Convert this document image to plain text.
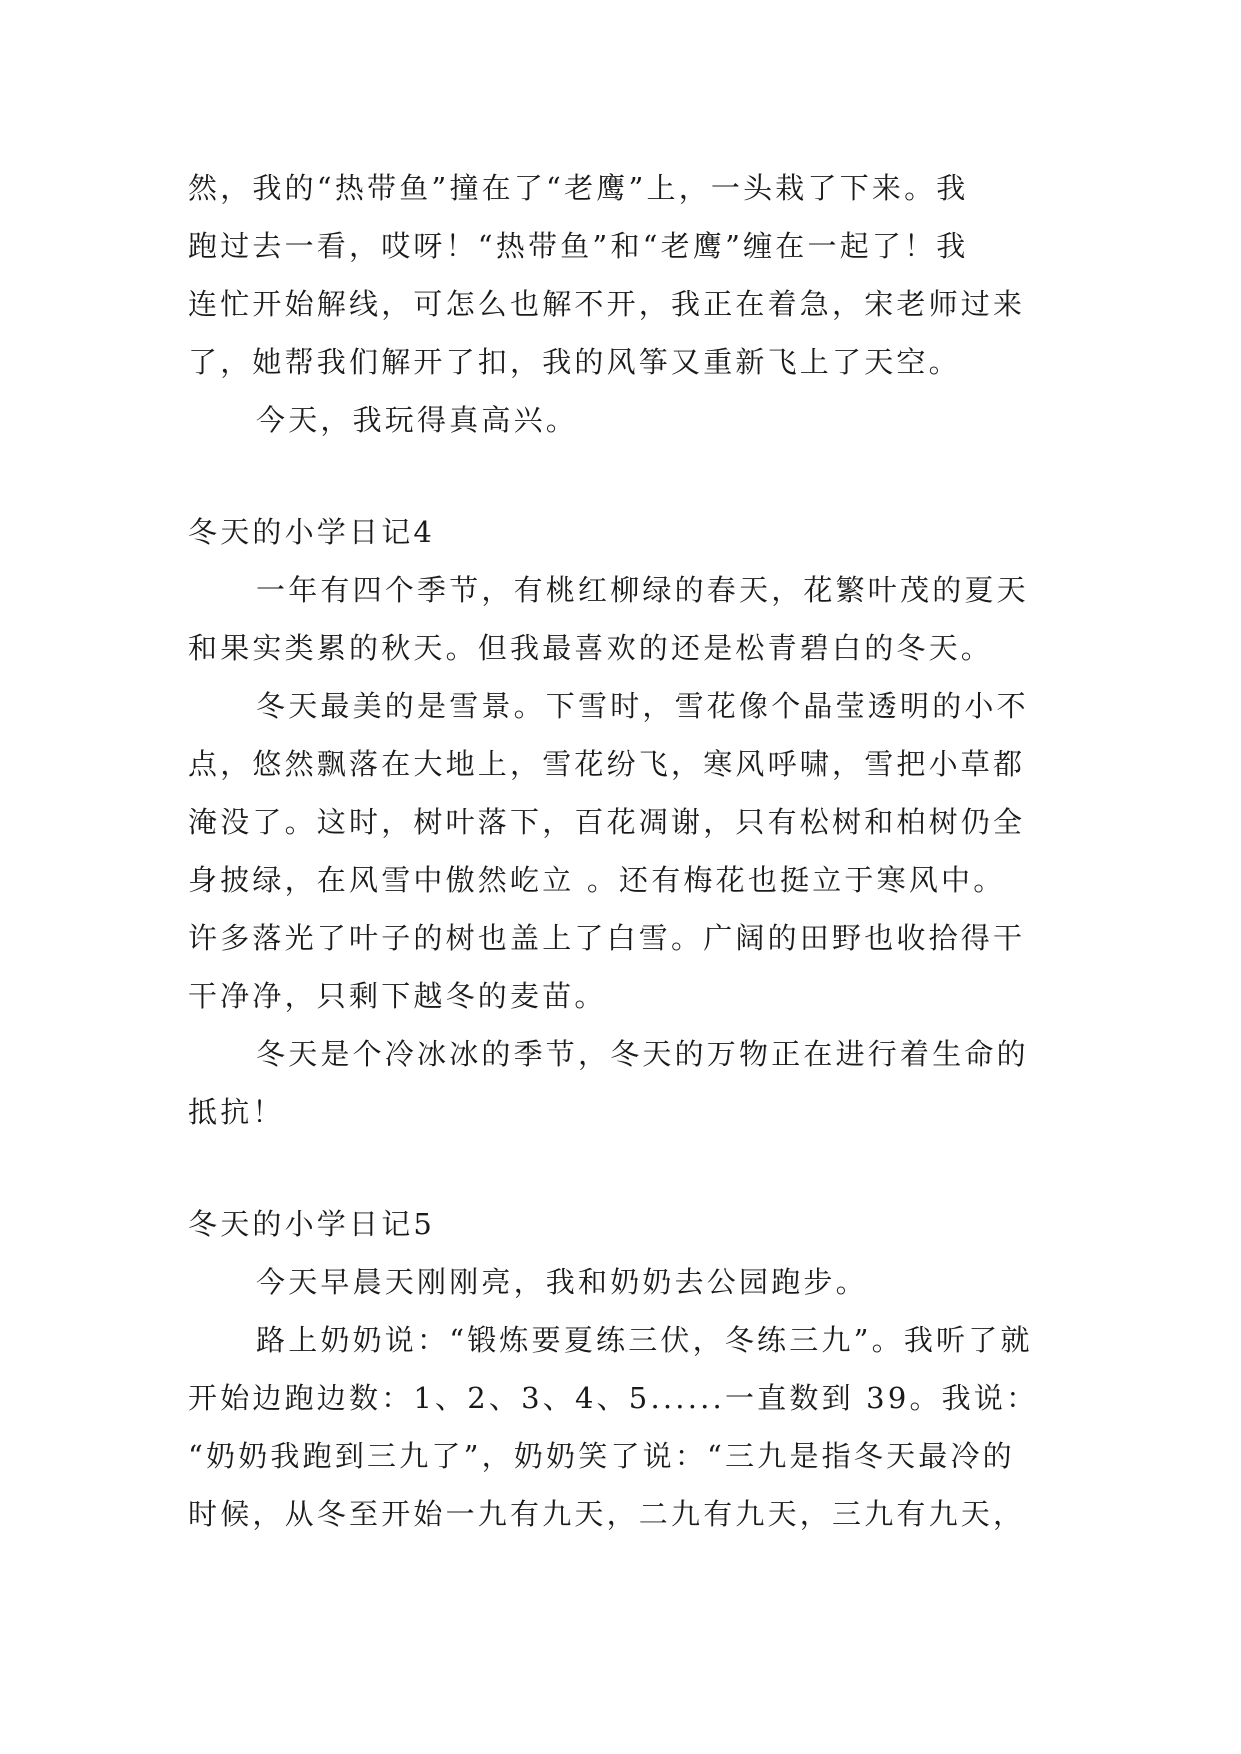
然，我的“热带鱼”撞在了“老鹰”上，一头栽了下来。我
跑过去一看，哎呀！“热带鱼”和“老鹰”缠在一起了！我
连忙开始解线，可怎么也解不开，我正在着急，宋老师过来
了，她帮我们解开了扣，我的风筝又重新飞上了天空。
今天，我玩得真高兴。
冬天的小学日记4
一年有四个季节，有桃红柳绿的春天，花繁叶茂的夏天
和果实类累的秋天。但我最喜欢的还是松青碧白的冬天。
冬天最美的是雪景。下雪时，雪花像个晶莹透明的小不
点，悠然飘落在大地上，雪花纷飞，寒风呼啸，雪把小草都
淹没了。这时，树叶落下，百花凋谢，只有松树和柏树仍全
身披绿，在风雪中傲然屹立 。还有梅花也挺立于寒风中。
许多落光了叶子的树也盖上了白雪。广阔的田野也收拾得干
干净净，只剩下越冬的麦苗。
冬天是个冷冰冰的季节，冬天的万物正在进行着生命的
抵抗！
冬天的小学日记5
今天早晨天刚刚亮，我和奶奶去公园跑步。
路上奶奶说：“锻炼要夏练三伏，冬练三九”。我听了就
开始边跑边数：1、2、3、4、5......一直数到 39。我说：
“奶奶我跑到三九了”，奶奶笑了说：“三九是指冬天最冷的
时候，从冬至开始一九有九天，二九有九天，三九有九天，
